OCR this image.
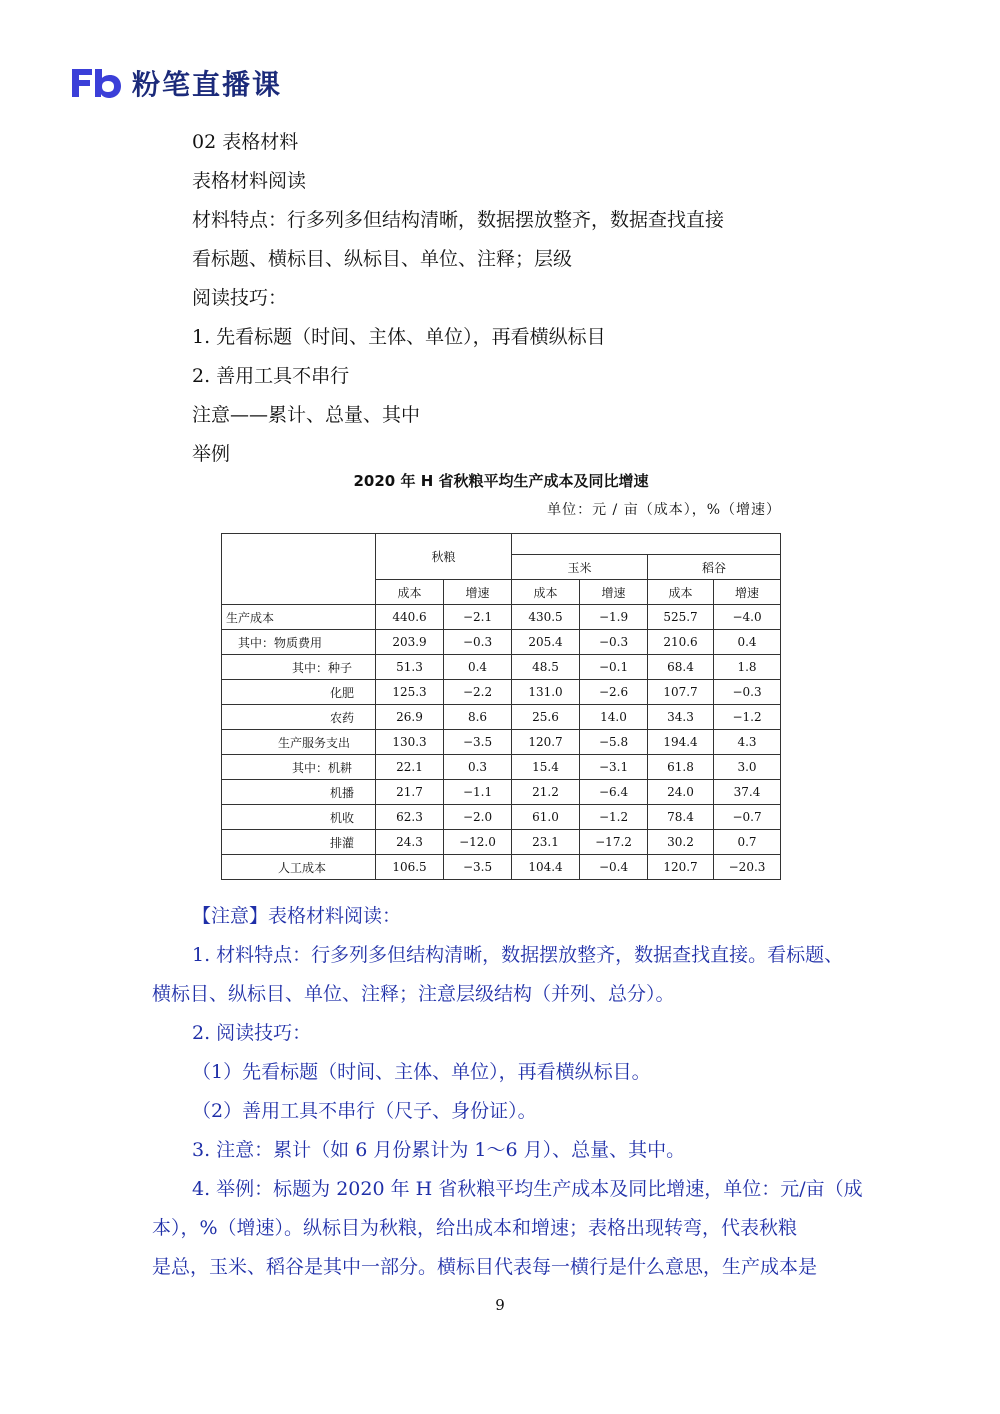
粉笔直播课
02 表格材料
表格材料阅读
材料特点：行多列多但结构清晰，数据摆放整齐，数据查找直接
看标题、横标目、纵标目、单位、注释；层级
阅读技巧：
1. 先看标题（时间、主体、单位），再看横纵标目
2. 善用工具不串行
注意——累计、总量、其中
举例
2020 年 H 省秋粮平均生产成本及同比增速
单位：元 / 亩（成本），%（增速）
	秋粮					
			玉米		稻谷	
	成本	增速	成本	增速	成本	增速
生产成本	440.6	−2.1	430.5	−1.9	525.7	−4.0
其中：物质费用	203.9	−0.3	205.4	−0.3	210.6	0.4
其中：种子	51.3	0.4	48.5	−0.1	68.4	1.8
化肥	125.3	−2.2	131.0	−2.6	107.7	−0.3
农药	26.9	8.6	25.6	14.0	34.3	−1.2
生产服务支出	130.3	−3.5	120.7	−5.8	194.4	4.3
其中：机耕	22.1	0.3	15.4	−3.1	61.8	3.0
机播	21.7	−1.1	21.2	−6.4	24.0	37.4
机收	62.3	−2.0	61.0	−1.2	78.4	−0.7
排灌	24.3	−12.0	23.1	−17.2	30.2	0.7
人工成本	106.5	−3.5	104.4	−0.4	120.7	−20.3
【注意】表格材料阅读：
1. 材料特点：行多列多但结构清晰，数据摆放整齐，数据查找直接。看标题、
横标目、纵标目、单位、注释；注意层级结构（并列、总分）。
2. 阅读技巧：
（1）先看标题（时间、主体、单位），再看横纵标目。
（2）善用工具不串行（尺子、身份证）。
3. 注意：累计（如 6 月份累计为 1～6 月）、总量、其中。
4. 举例：标题为 2020 年 H 省秋粮平均生产成本及同比增速，单位：元/亩（成
本），%（增速）。纵标目为秋粮，给出成本和增速；表格出现转弯，代表秋粮
是总，玉米、稻谷是其中一部分。横标目代表每一横行是什么意思，生产成本是
9
